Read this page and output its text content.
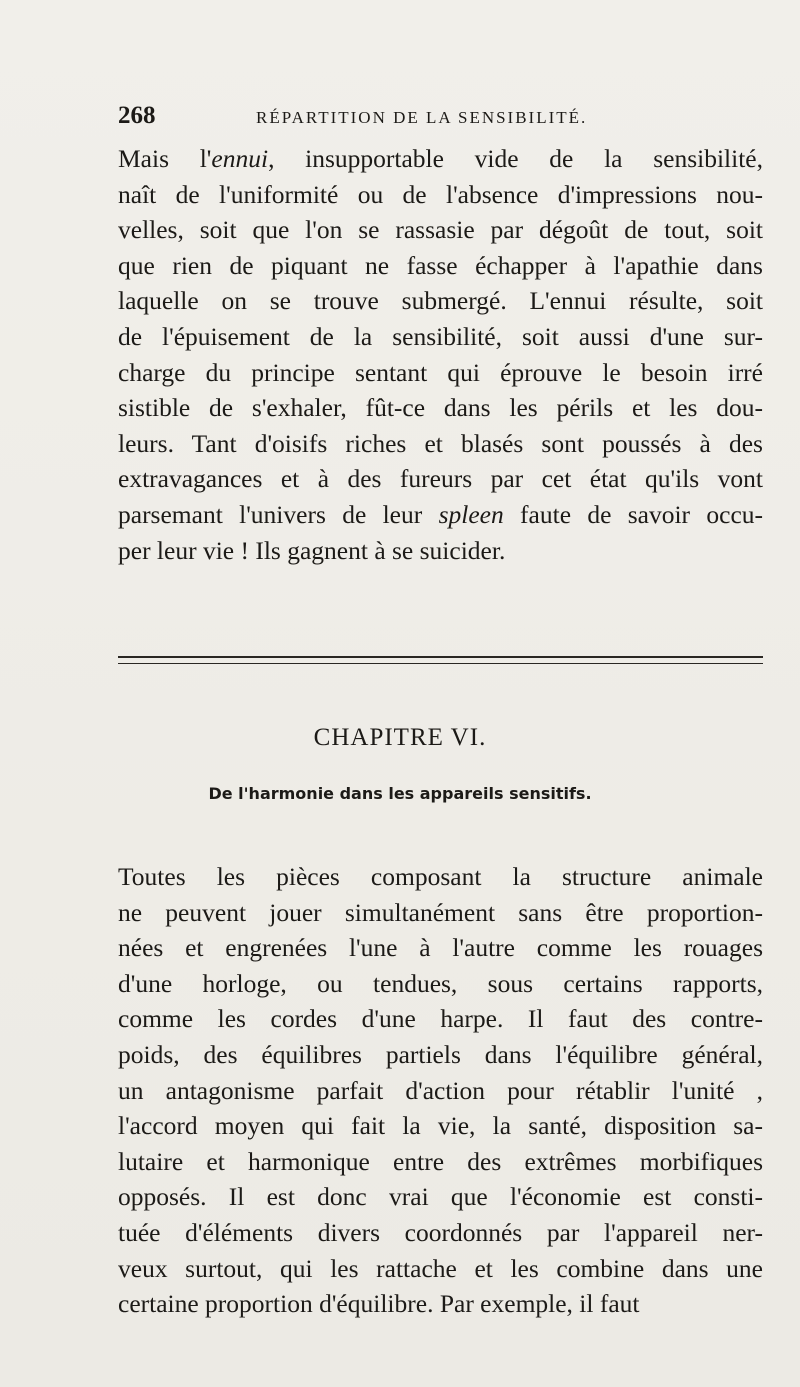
268	RÉPARTITION DE LA SENSIBILITÉ.
Mais l'ennui, insupportable vide de la sensibilité,
naît de l'uniformité ou de l'absence d'impressions nou-
velles, soit que l'on se rassasie par dégoût de tout, soit
que rien de piquant ne fasse échapper à l'apathie dans
laquelle on se trouve submergé. L'ennui résulte, soit
de l'épuisement de la sensibilité, soit aussi d'une sur-
charge du principe sentant qui éprouve le besoin irré
sistible de s'exhaler, fût-ce dans les périls et les dou-
leurs. Tant d'oisifs riches et blasés sont poussés à des
extravagances et à des fureurs par cet état qu'ils vont
parsemant l'univers de leur spleen faute de savoir occu-
per leur vie ! Ils gagnent à se suicider.
CHAPITRE VI.
De l'harmonie dans les appareils sensitifs.
Toutes les pièces composant la structure animale
ne peuvent jouer simultanément sans être proportion-
nées et engrenées l'une à l'autre comme les rouages
d'une horloge, ou tendues, sous certains rapports,
comme les cordes d'une harpe. Il faut des contre-
poids, des équilibres partiels dans l'équilibre général,
un antagonisme parfait d'action pour rétablir l'unité ,
l'accord moyen qui fait la vie, la santé, disposition sa-
lutaire et harmonique entre des extrêmes morbifiques
opposés. Il est donc vrai que l'économie est consti-
tuée d'éléments divers coordonnés par l'appareil ner-
veux surtout, qui les rattache et les combine dans une
certaine proportion d'équilibre. Par exemple, il faut
